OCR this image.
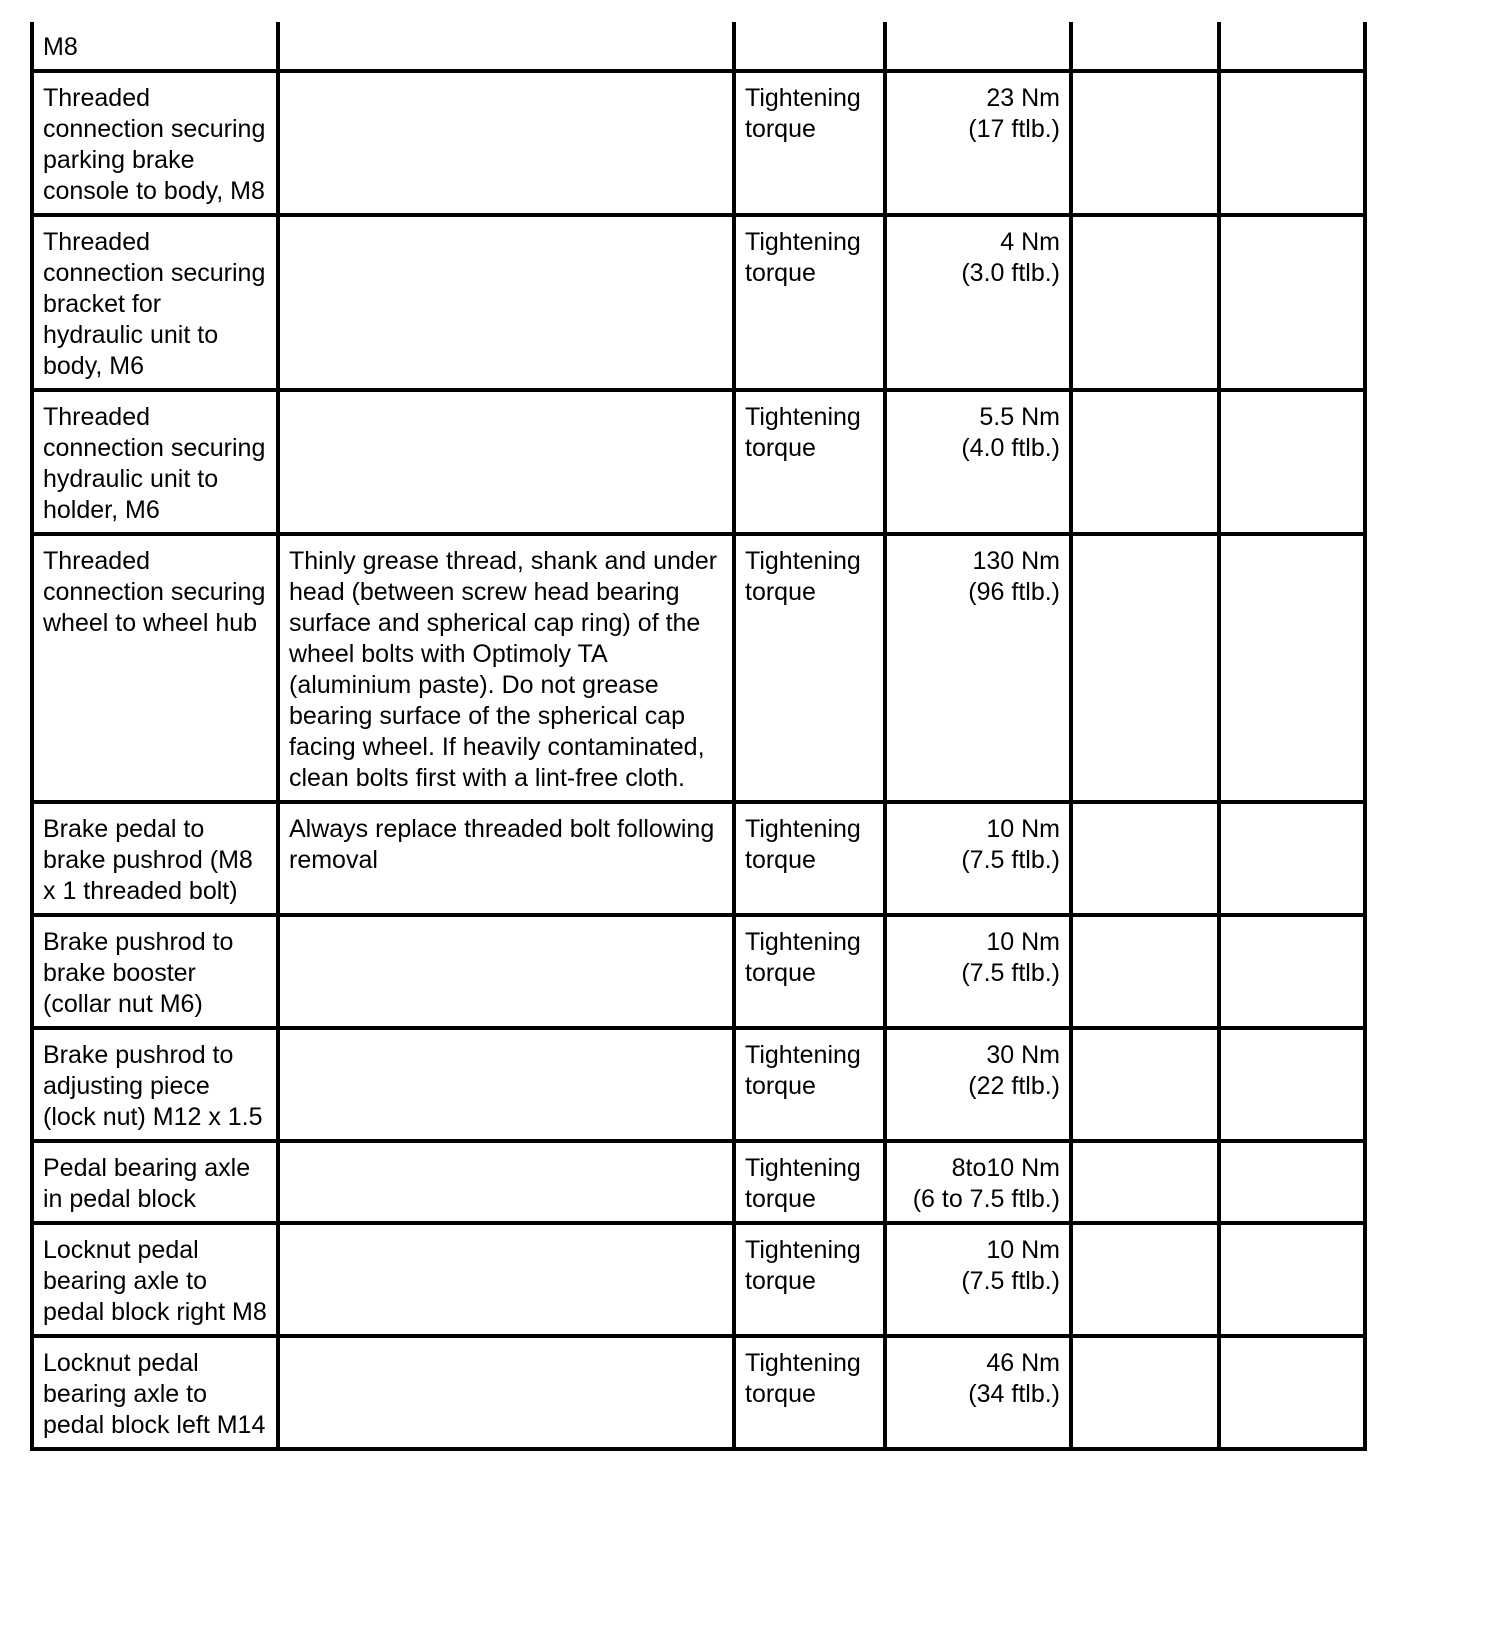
M8			

Threaded connection securing parking brake console to body, M8		Tightening torque	23 Nm
(17 ftlb.)		

Threaded connection securing bracket for hydraulic unit to body, M6		Tightening torque	4 Nm
(3.0 ftlb.)		

Threaded connection securing hydraulic unit to holder, M6		Tightening torque	5.5 Nm
(4.0 ftlb.)		

Threaded connection securing wheel to wheel hub	Thinly grease thread, shank and under head (between screw head bearing surface and spherical cap ring) of the wheel bolts with Optimoly TA (aluminium paste). Do not grease bearing surface of the spherical cap facing wheel. If heavily contaminated, clean bolts first with a lint-free cloth.	Tightening torque	130 Nm
(96 ftlb.)		

Brake pedal to brake pushrod (M8 x 1 threaded bolt)	Always replace threaded bolt following removal	Tightening torque	10 Nm
(7.5 ftlb.)		

Brake pushrod to brake booster (collar nut M6)		Tightening torque	10 Nm
(7.5 ftlb.)		

Brake pushrod to adjusting piece (lock nut) M12 x 1.5		Tightening torque	30 Nm
(22 ftlb.)		

Pedal bearing axle in pedal block		Tightening torque	8to10 Nm
(6 to 7.5 ftlb.)		

Locknut pedal bearing axle to pedal block right M8		Tightening torque	10 Nm
(7.5 ftlb.)		

Locknut pedal bearing axle to pedal block left M14		Tightening torque	46 Nm
(34 ftlb.)		
